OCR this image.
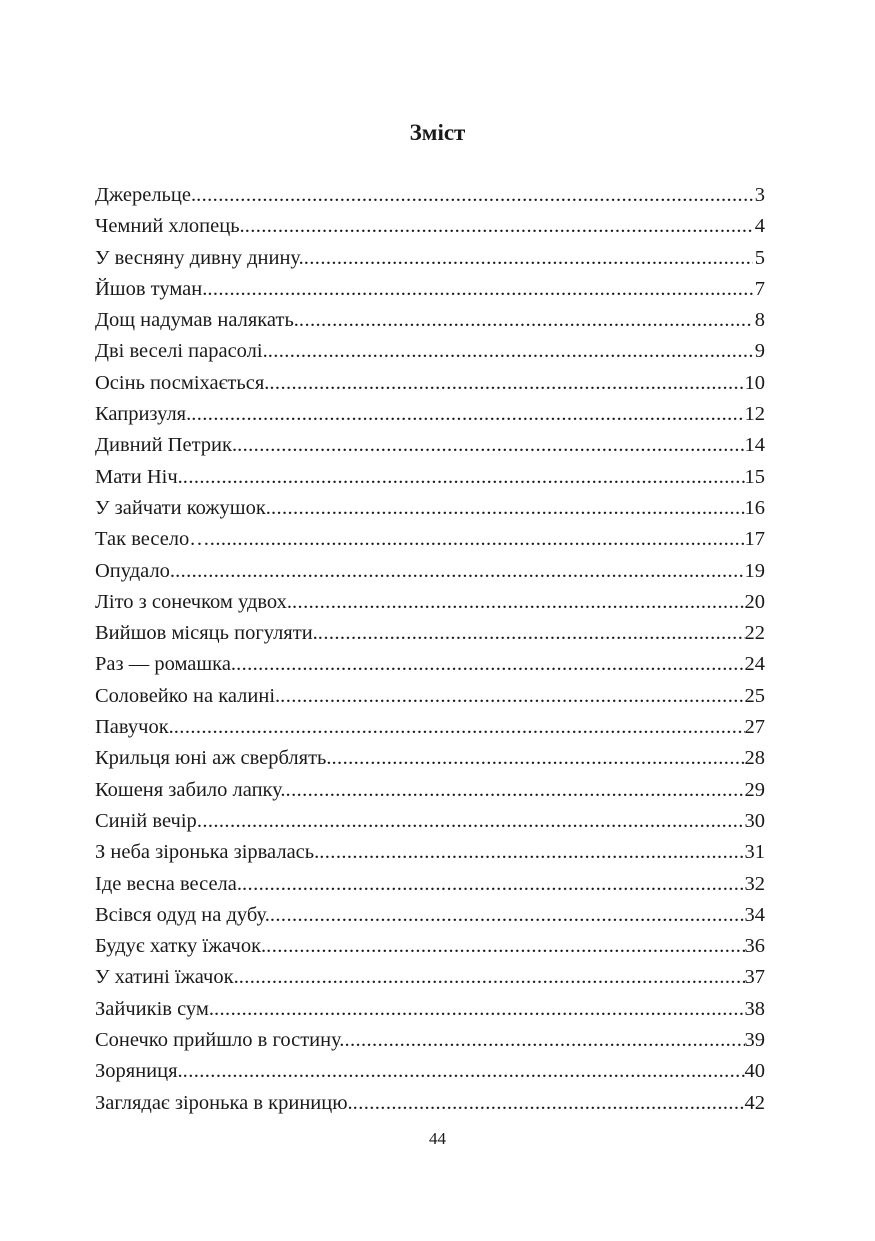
Зміст
Джерельце. .....	3
Чемний хлопець. .....	4
У весняну дивну днину. .....	5
Йшов туман. .....	7
Дощ надумав налякать. .....	8
Дві веселі парасолі. .....	9
Осінь посміхається. .....	10
Капризуля. .....	12
Дивний Петрик. .....	14
Мати Ніч. .....	15
У зайчати кожушок. .....	16
Так весело… .....	17
Опудало. .....	19
Літо з сонечком удвох. .....	20
Вийшов місяць погуляти. .....	22
Раз — ромашка. .....	24
Соловейко на калині. .....	25
Павучок. .....	27
Крильця юні аж сверблять. .....	28
Кошеня забило лапку. .....	29
Синій вечір .....	30
З неба зіронька зірвалась. .....	31
Іде весна весела. .....	32
Всівся одуд на дубу. .....	34
Будує хатку їжачок. .....	36
У хатині їжачок. .....	37
Зайчиків сум. .....	38
Сонечко прийшло в гостину. .....	39
Зоряниця. .....	40
Заглядає зіронька в криницю. .....	42
44
